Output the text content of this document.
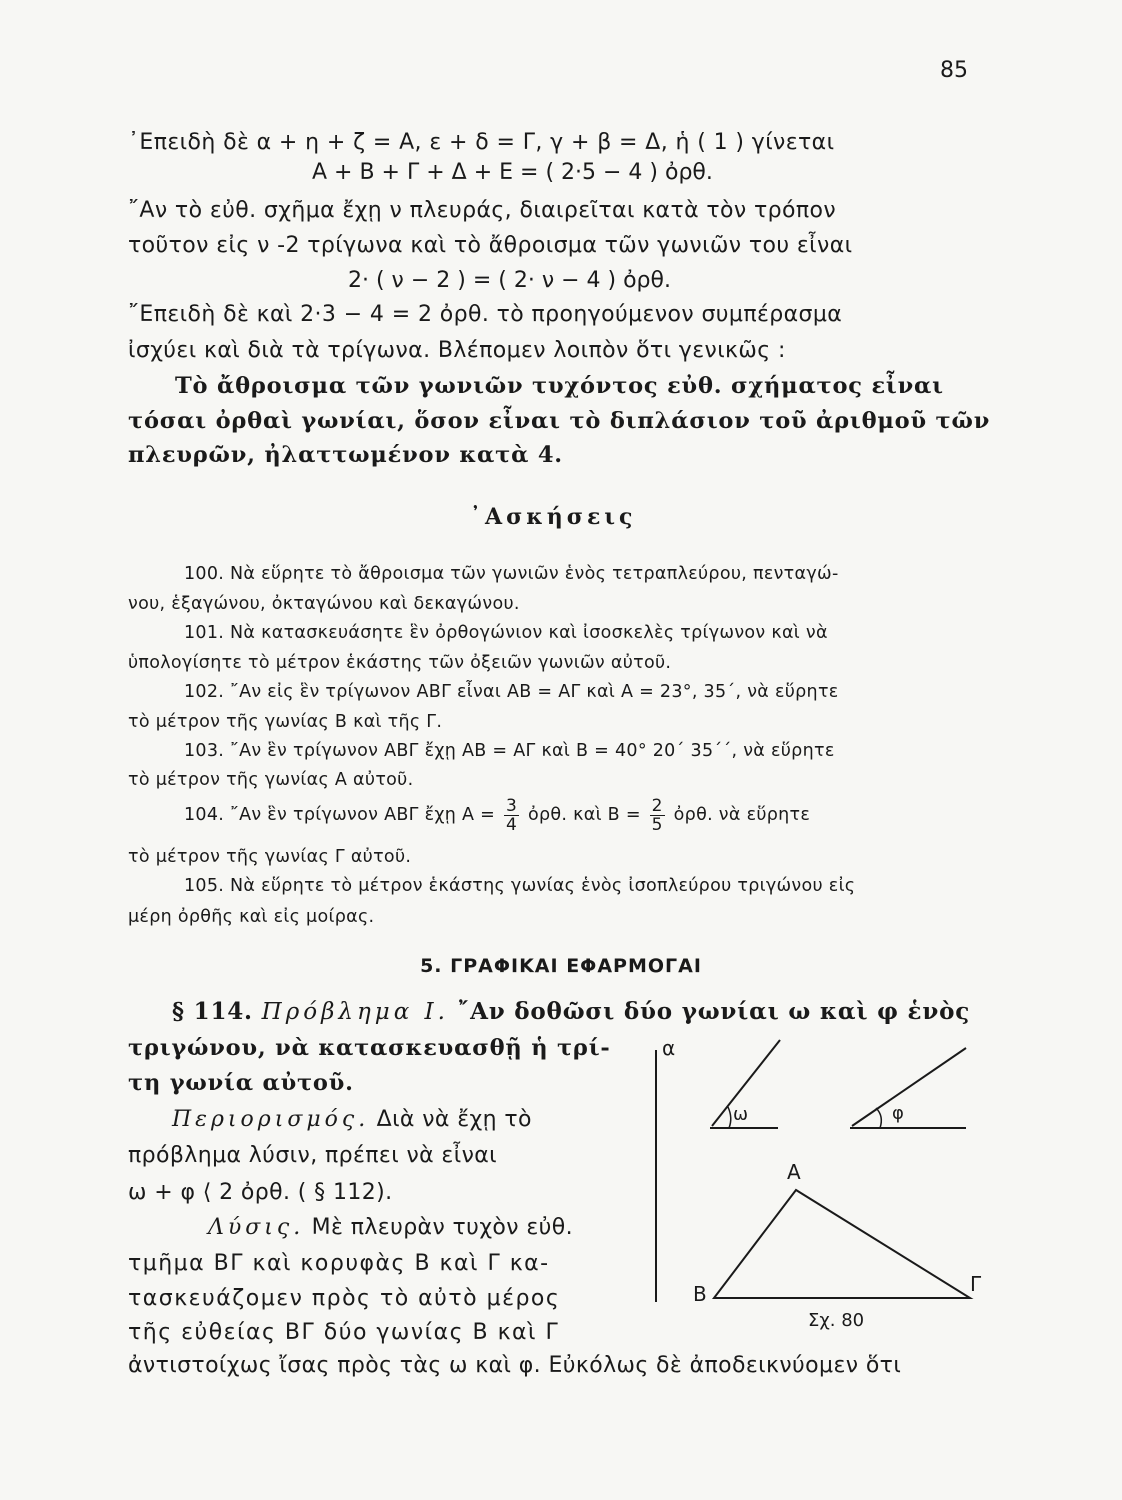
85
᾿Επειδὴ δὲ α + η + ζ = Α, ε + δ = Γ, γ + β = Δ, ἡ ( 1 ) γίνεται
Α + Β + Γ + Δ + Ε = ( 2·5 − 4 ) ὀρθ.
῎Αν τὸ εὐθ. σχῆμα ἔχῃ ν πλευράς, διαιρεῖται κατὰ τὸν τρόπον
τοῦτον εἰς ν -2 τρίγωνα καὶ τὸ ἄθροισμα τῶν γωνιῶν του εἶναι
2· ( ν − 2 ) = ( 2· ν − 4 ) ὀρθ.
῎Επειδὴ δὲ καὶ 2·3 − 4 = 2 ὀρθ. τὸ προηγούμενον συμπέρασμα
ἰσχύει καὶ διὰ τὰ τρίγωνα. Βλέπομεν λοιπὸν ὅτι γενικῶς :
Τὸ ἄθροισμα τῶν γωνιῶν τυχόντος εὐθ. σχήματος εἶναι
τόσαι ὀρθαὶ γωνίαι, ὅσον εἶναι τὸ διπλάσιον τοῦ ἀριθμοῦ τῶν
πλευρῶν, ἠλαττωμένον κατὰ 4.
᾿Ασκήσεις
100. Νὰ εὕρητε τὸ ἄθροισμα τῶν γωνιῶν ἑνὸς τετραπλεύρου, πενταγώ-
νου, ἑξαγώνου, ὀκταγώνου καὶ δεκαγώνου.
101. Νὰ κατασκευάσητε ἓν ὀρθογώνιον καὶ ἰσοσκελὲς τρίγωνον καὶ νὰ
ὑπολογίσητε τὸ μέτρον ἑκάστης τῶν ὀξειῶν γωνιῶν αὐτοῦ.
102. ῎Αν εἰς ἓν τρίγωνον ΑΒΓ εἶναι ΑΒ = ΑΓ καὶ Α = 23°, 35΄, νὰ εὕρητε
τὸ μέτρον τῆς γωνίας Β καὶ τῆς Γ.
103. ῎Αν ἓν τρίγωνον ΑΒΓ ἔχῃ ΑΒ = ΑΓ καὶ Β = 40° 20΄ 35΄΄, νὰ εὕρητε
τὸ μέτρον τῆς γωνίας Α αὐτοῦ.
104. ῎Αν ἓν τρίγωνον ΑΒΓ ἔχῃ $A = \frac{3}{4}$ ὀρθ. καὶ $B = \frac{2}{5}$ ὀρθ. νὰ εὕρητε
τὸ μέτρον τῆς γωνίας Γ αὐτοῦ.
105. Νὰ εὕρητε τὸ μέτρον ἑκάστης γωνίας ἑνὸς ἰσοπλεύρου τριγώνου εἰς
μέρη ὀρθῆς καὶ εἰς μοίρας.
5. ΓΡΑΦΙΚΑΙ ΕΦΑΡΜΟΓΑΙ
§ 114. Πρόβλημα Ι. ῎Αν δοθῶσι δύο γωνίαι ω καὶ φ ἑνὸς
τριγώνου, νὰ κατασκευασθῇ ἡ τρί-
τη γωνία αὐτοῦ.
Περιορισμός. Διὰ νὰ ἔχῃ τὸ
πρόβλημα λύσιν, πρέπει νὰ εἶναι
ω + φ ⟨ 2 ὀρθ. ( § 112).
Λύσις. Μὲ πλευρὰν τυχὸν εὐθ.
τμῆμα ΒΓ καὶ κορυφὰς Β καὶ Γ κα-
τασκευάζομεν πρὸς τὸ αὐτὸ μέρος
τῆς εὐθείας ΒΓ δύο γωνίας Β καὶ Γ
ἀντιστοίχως ἴσας πρὸς τὰς ω καὶ φ. Εὐκόλως δὲ ἀποδεικνύομεν ὅτι
α
ω	φ
Α
Β	Γ
Σχ. 80
